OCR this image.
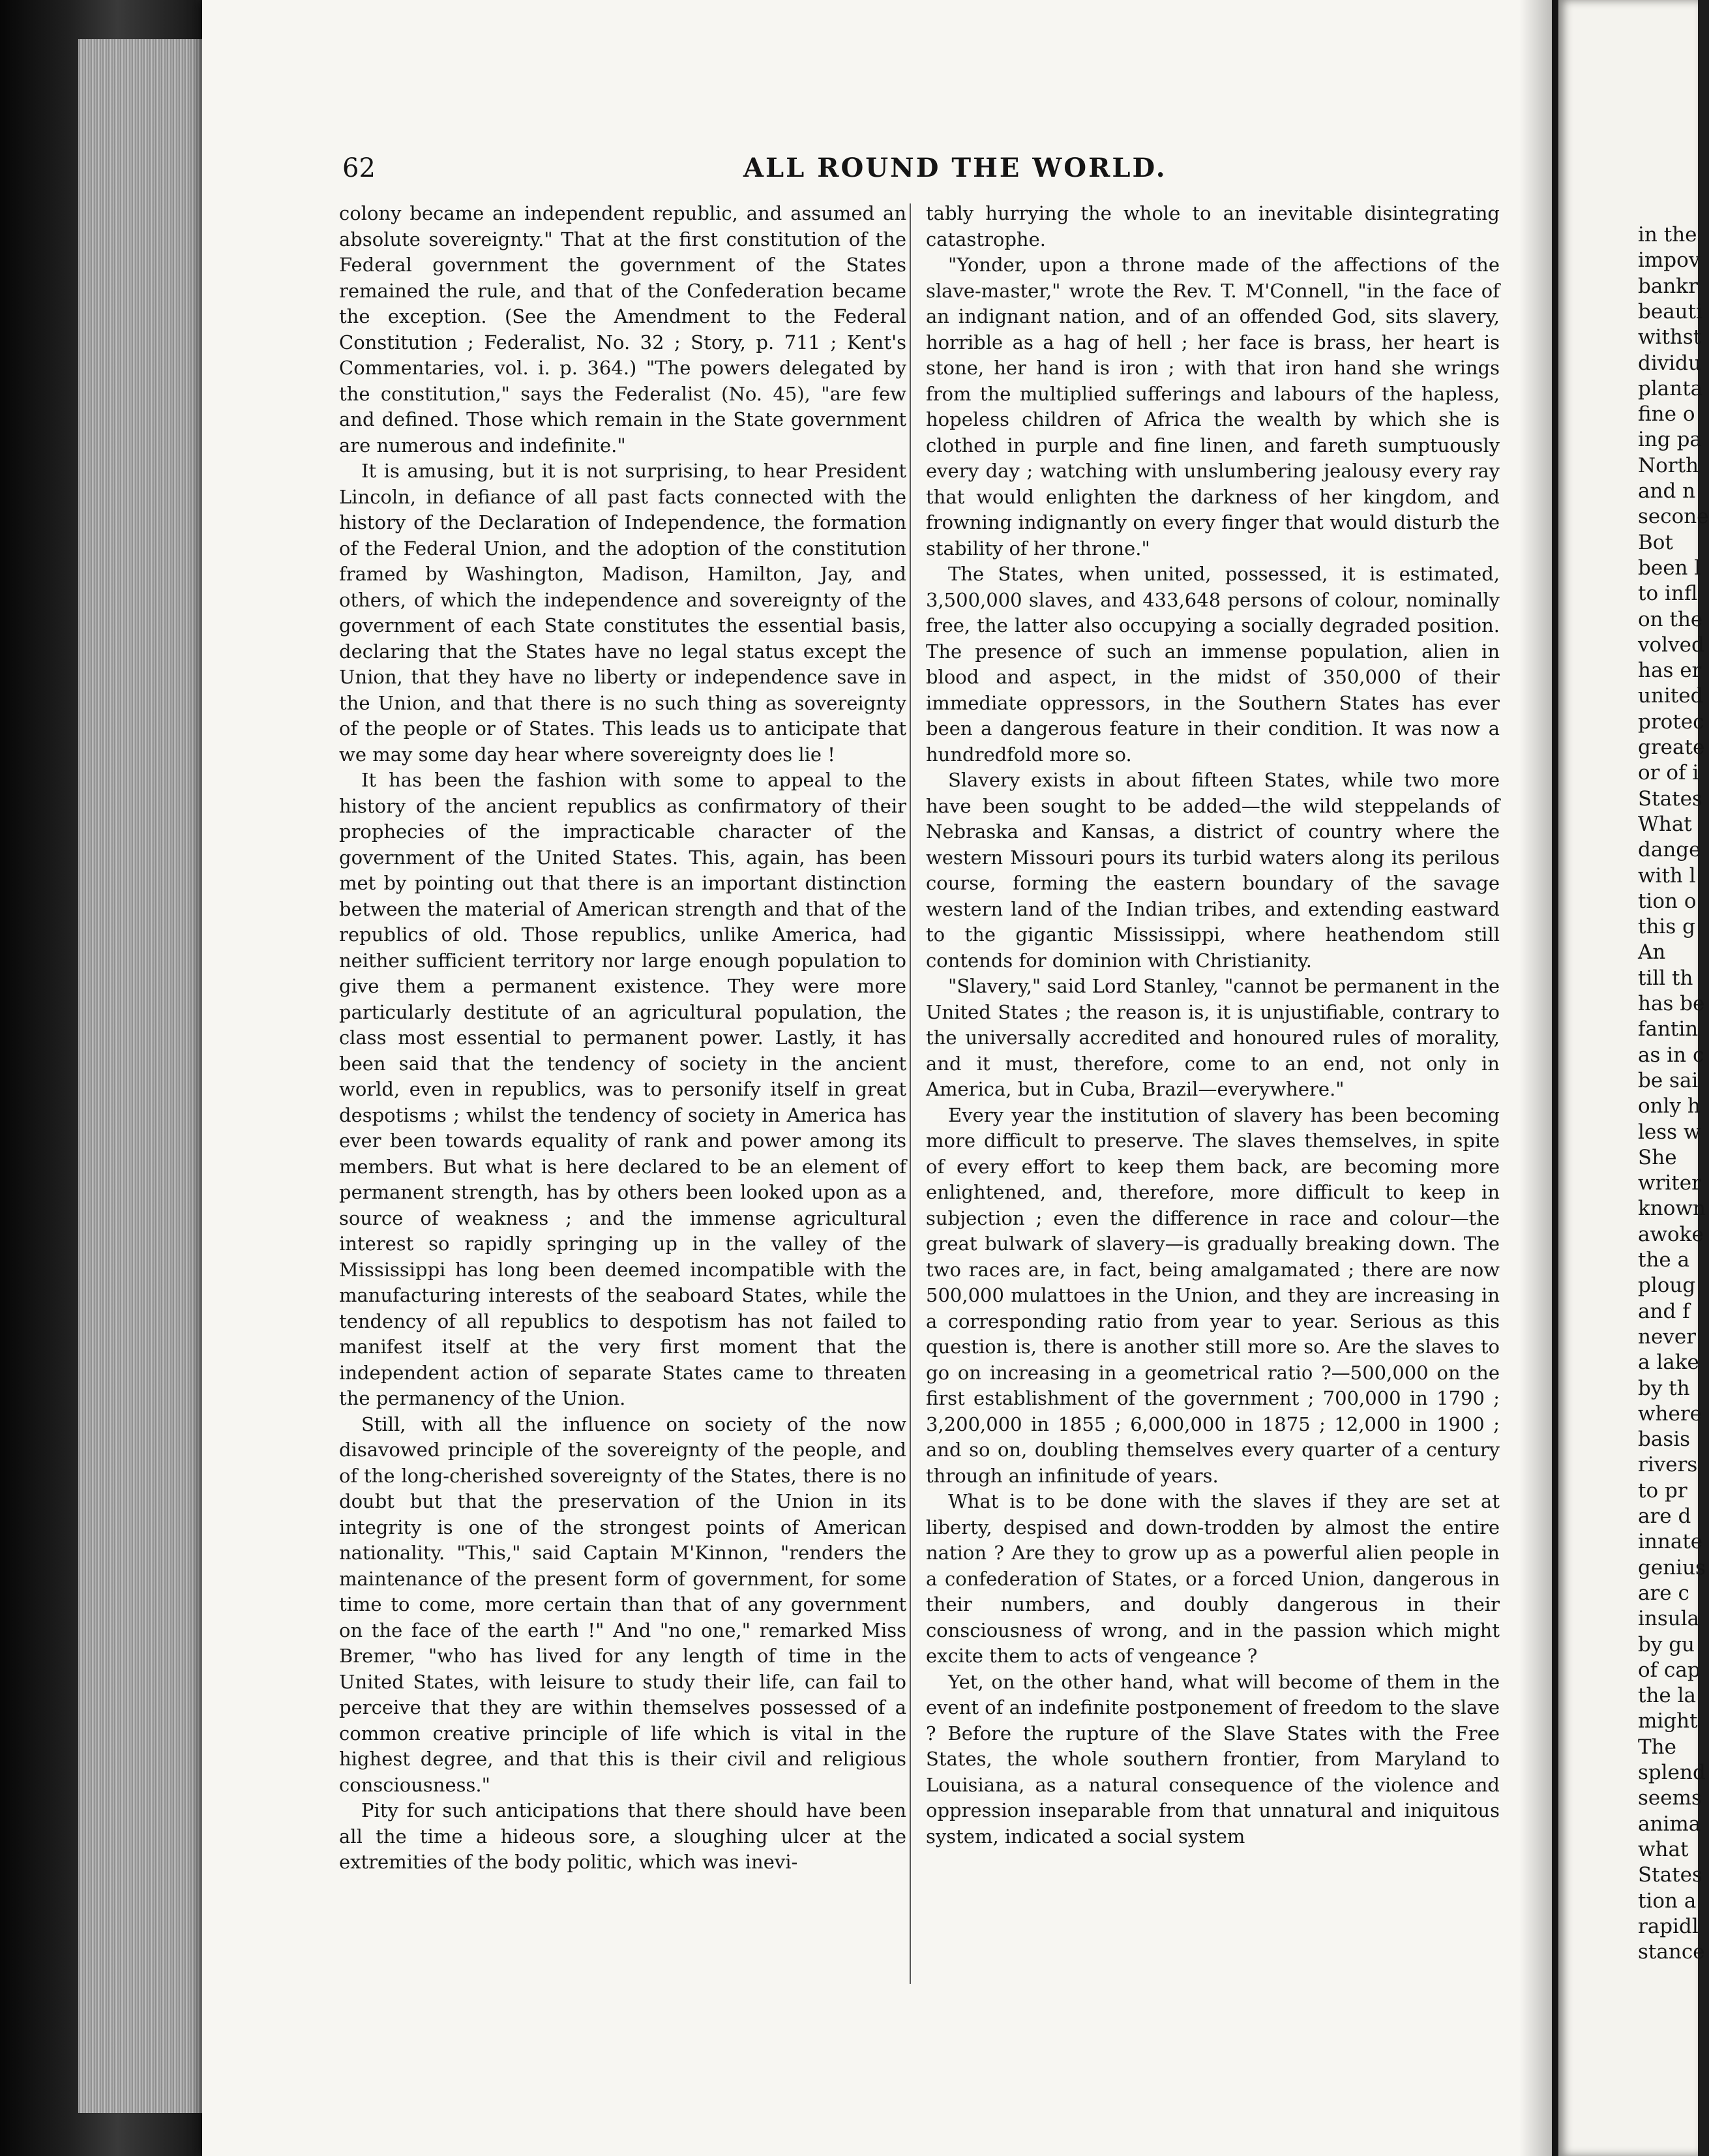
62	ALL ROUND THE WORLD.

colony became an independent republic, and assumed an absolute sovereignty." That at the first constitution of the Federal government the government of the States remained the rule, and that of the Confederation became the exception. (See the Amendment to the Federal Constitution ; Federalist, No. 32 ; Story, p. 711 ; Kent's Commentaries, vol. i. p. 364.) "The powers delegated by the constitution," says the Federalist (No. 45), "are few and defined. Those which remain in the State government are numerous and indefinite."

It is amusing, but it is not surprising, to hear President Lincoln, in defiance of all past facts connected with the history of the Declaration of Independence, the formation of the Federal Union, and the adoption of the constitution framed by Washington, Madison, Hamilton, Jay, and others, of which the independence and sovereignty of the government of each State constitutes the essential basis, declaring that the States have no legal status except the Union, that they have no liberty or independence save in the Union, and that there is no such thing as sovereignty of the people or of States. This leads us to anticipate that we may some day hear where sovereignty does lie !

It has been the fashion with some to appeal to the history of the ancient republics as confirmatory of their prophecies of the impracticable character of the government of the United States. This, again, has been met by pointing out that there is an important distinction between the material of American strength and that of the republics of old. Those republics, unlike America, had neither sufficient territory nor large enough population to give them a permanent existence. They were more particularly destitute of an agricultural population, the class most essential to permanent power. Lastly, it has been said that the tendency of society in the ancient world, even in republics, was to personify itself in great despotisms ; whilst the tendency of society in America has ever been towards equality of rank and power among its members. But what is here declared to be an element of permanent strength, has by others been looked upon as a source of weakness ; and the immense agricultural interest so rapidly springing up in the valley of the Mississippi has long been deemed incompatible with the manufacturing interests of the seaboard States, while the tendency of all republics to despotism has not failed to manifest itself at the very first moment that the independent action of separate States came to threaten the permanency of the Union.

Still, with all the influence on society of the now disavowed principle of the sovereignty of the people, and of the long-cherished sovereignty of the States, there is no doubt but that the preservation of the Union in its integrity is one of the strongest points of American nationality. "This," said Captain M'Kinnon, "renders the maintenance of the present form of government, for some time to come, more certain than that of any government on the face of the earth !" And "no one," remarked Miss Bremer, "who has lived for any length of time in the United States, with leisure to study their life, can fail to perceive that they are within themselves possessed of a common creative principle of life which is vital in the highest degree, and that this is their civil and religious consciousness."

Pity for such anticipations that there should have been all the time a hideous sore, a sloughing ulcer at the extremities of the body politic, which was inevi-

tably hurrying the whole to an inevitable disintegrating catastrophe.

"Yonder, upon a throne made of the affections of the slave-master," wrote the Rev. T. M'Connell, "in the face of an indignant nation, and of an offended God, sits slavery, horrible as a hag of hell ; her face is brass, her heart is stone, her hand is iron ; with that iron hand she wrings from the multiplied sufferings and labours of the hapless, hopeless children of Africa the wealth by which she is clothed in purple and fine linen, and fareth sumptuously every day ; watching with unslumbering jealousy every ray that would enlighten the darkness of her kingdom, and frowning indignantly on every finger that would disturb the stability of her throne."

The States, when united, possessed, it is estimated, 3,500,000 slaves, and 433,648 persons of colour, nominally free, the latter also occupying a socially degraded position. The presence of such an immense population, alien in blood and aspect, in the midst of 350,000 of their immediate oppressors, in the Southern States has ever been a dangerous feature in their condition. It was now a hundredfold more so.

Slavery exists in about fifteen States, while two more have been sought to be added—the wild steppelands of Nebraska and Kansas, a district of country where the western Missouri pours its turbid waters along its perilous course, forming the eastern boundary of the savage western land of the Indian tribes, and extending eastward to the gigantic Mississippi, where heathendom still contends for dominion with Christianity.

"Slavery," said Lord Stanley, "cannot be permanent in the United States ; the reason is, it is unjustifiable, contrary to the universally accredited and honoured rules of morality, and it must, therefore, come to an end, not only in America, but in Cuba, Brazil—everywhere."

Every year the institution of slavery has been becoming more difficult to preserve. The slaves themselves, in spite of every effort to keep them back, are becoming more enlightened, and, therefore, more difficult to keep in subjection ; even the difference in race and colour—the great bulwark of slavery—is gradually breaking down. The two races are, in fact, being amalgamated ; there are now 500,000 mulattoes in the Union, and they are increasing in a corresponding ratio from year to year. Serious as this question is, there is another still more so. Are the slaves to go on increasing in a geometrical ratio ?—500,000 on the first establishment of the government ; 700,000 in 1790 ; 3,200,000 in 1855 ; 6,000,000 in 1875 ; 12,000 in 1900 ; and so on, doubling themselves every quarter of a century through an infinitude of years.

What is to be done with the slaves if they are set at liberty, despised and down-trodden by almost the entire nation ? Are they to grow up as a powerful alien people in a confederation of States, or a forced Union, dangerous in their numbers, and doubly dangerous in their consciousness of wrong, and in the passion which might excite them to acts of vengeance ?

Yet, on the other hand, what will become of them in the event of an indefinite postponement of freedom to the slave ? Before the rupture of the Slave States with the Free States, the whole southern frontier, from Maryland to Louisiana, as a natural consequence of the violence and oppression inseparable from that unnatural and iniquitous system, indicated a social system

in the
impov
bankr
beauti
withst
dividu
planta
fine o
ing pa
North
and n
secone
Bot
been l
to infl
on the
volved
has er
united
protec
greate
or of i
States
What
dange
with l
tion o
this g
An
till th
has be
fantin
as in c
be sai
only h
less w
She
writer
known
awoke
the a
ploug
and f
never
a lake
by th
where
basis
rivers
to pr
are d
innate
genius
are c
insula
by gu
of cap
the la
might
The
splend
seems
anima
what
States
tion a
rapidl
stance
